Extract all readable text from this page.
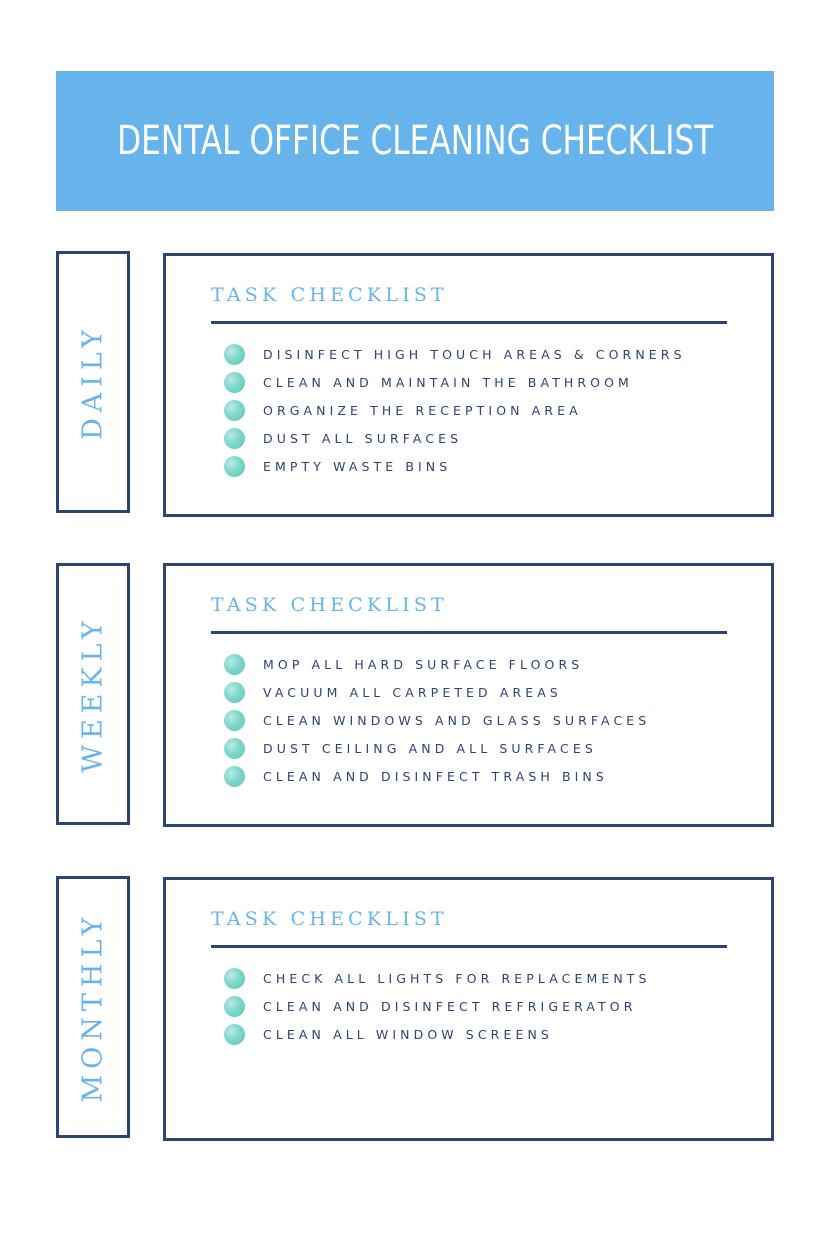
DENTAL OFFICE CLEANING CHECKLIST
DAILY
TASK CHECKLIST
DISINFECT HIGH TOUCH AREAS & CORNERS
CLEAN AND MAINTAIN THE BATHROOM
ORGANIZE THE RECEPTION AREA
DUST ALL SURFACES
EMPTY WASTE BINS
WEEKLY
TASK CHECKLIST
MOP ALL HARD SURFACE FLOORS
VACUUM ALL CARPETED AREAS
CLEAN WINDOWS AND GLASS SURFACES
DUST CEILING AND ALL SURFACES
CLEAN AND DISINFECT TRASH BINS
MONTHLY	TASK CHECKLIST
CHECK ALL LIGHTS FOR REPLACEMENTS
CLEAN AND DISINFECT REFRIGERATOR
CLEAN ALL WINDOW SCREENS
